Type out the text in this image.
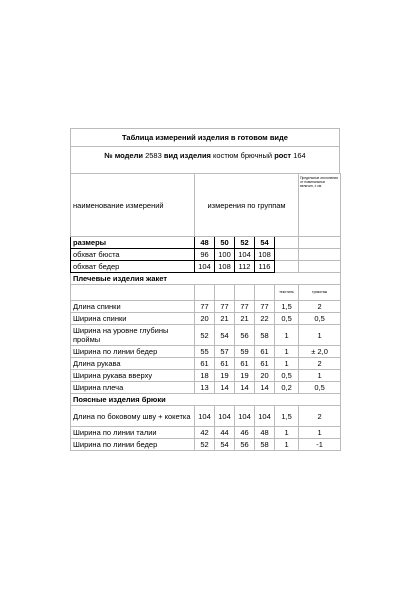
Таблица измерений изделия в готовом виде
№ модели 2583 вид изделия костюм брючный рост 164
наименование измерений	измерения по группам					Предельные отклонения от номинальных величин, ± см.
размеры	48	50	52	54		
обхват бюста	96	100	104	108		
обхват бедер	104	108	112	116		
Плечевые изделия жакет						
					текстиль	трикотаж
Длина спинки	77	77	77	77	1,5	2
Ширина спинки	20	21	21	22	0,5	0,5
Ширина на уровне глубины проймы	52	54	56	58	1	1
Ширина по линии бедер	55	57	59	61	1	± 2,0
Длина рукава	61	61	61	61	1	2
Ширина рукава вверху	18	19	19	20	0,5	1
Ширина плеча	13	14	14	14	0,2	0,5
Поясные изделия брюки						
Длина по боковому шву + кокетка	104	104	104	104	1,5	2
Ширина по линии талии	42	44	46	48	1	1
Ширина по линии бедер	52	54	56	58	1	-1
